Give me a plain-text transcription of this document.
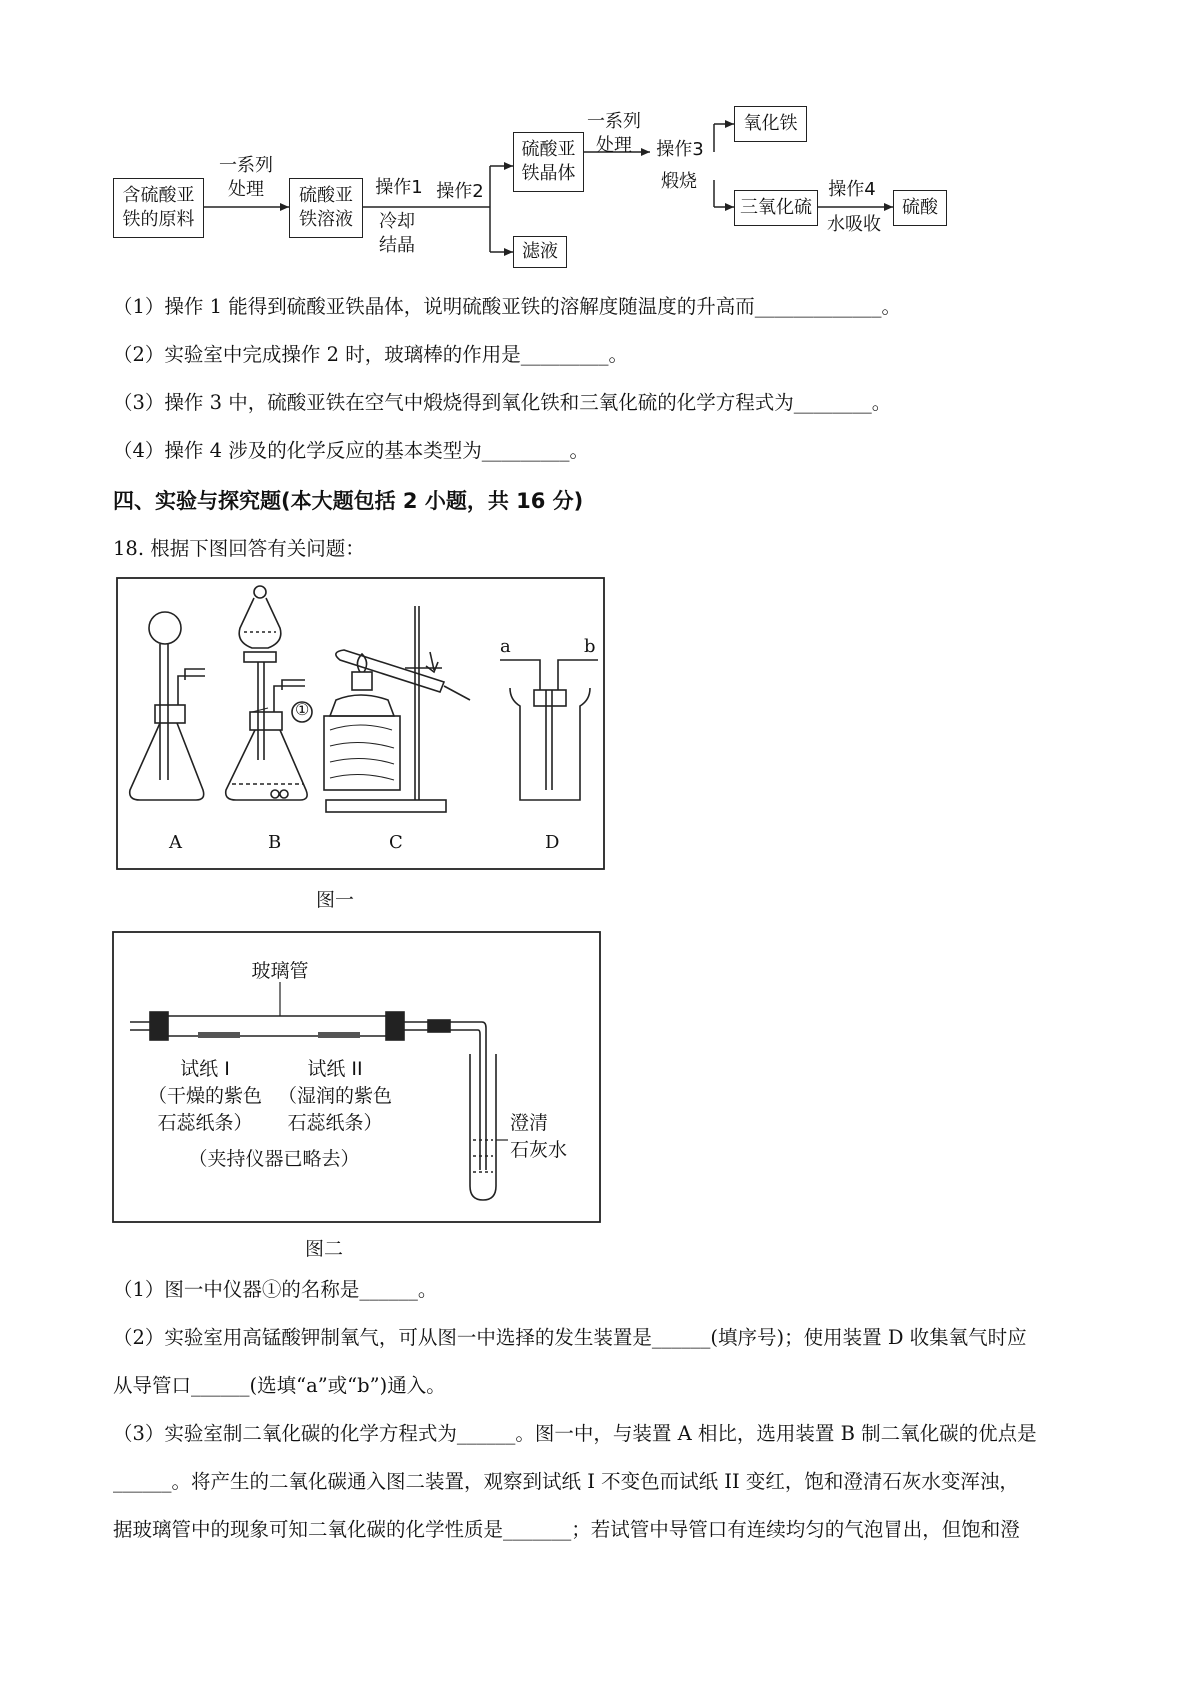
含硫酸亚
铁的原料
一系列
处理	硫酸亚
铁溶液
操作1
冷却
结晶
操作2
硫酸亚
铁晶体
滤液
一系列
处理	操作3
煅烧
氧化铁
三氧化硫
操作4
水吸收
硫酸
（1）操作 1 能得到硫酸亚铁晶体，说明硫酸亚铁的溶解度随温度的升高而_____________。
（2）实验室中完成操作 2 时，玻璃棒的作用是_________。
（3）操作 3 中，硫酸亚铁在空气中煅烧得到氧化铁和三氧化硫的化学方程式为________。
（4）操作 4 涉及的化学反应的基本类型为_________。
四、实验与探究题(本大题包括 2 小题，共 16 分)
18. 根据下图回答有关问题：
①
A	B	C	D
a	b
图一
玻璃管
试纸 I
（干燥的紫色
石蕊纸条）
试纸 II
（湿润的紫色
石蕊纸条）
（夹持仪器已略去）
澄清
石灰水
图二
（1）图一中仪器①的名称是______。
（2）实验室用高锰酸钾制氧气，可从图一中选择的发生装置是______(填序号)；使用装置 D 收集氧气时应
从导管口______(选填“a”或“b”)通入。
（3）实验室制二氧化碳的化学方程式为______。图一中，与装置 A 相比，选用装置 B 制二氧化碳的优点是
______。将产生的二氧化碳通入图二装置，观察到试纸 I 不变色而试纸 II 变红，饱和澄清石灰水变浑浊，
据玻璃管中的现象可知二氧化碳的化学性质是_______；若试管中导管口有连续均匀的气泡冒出，但饱和澄
